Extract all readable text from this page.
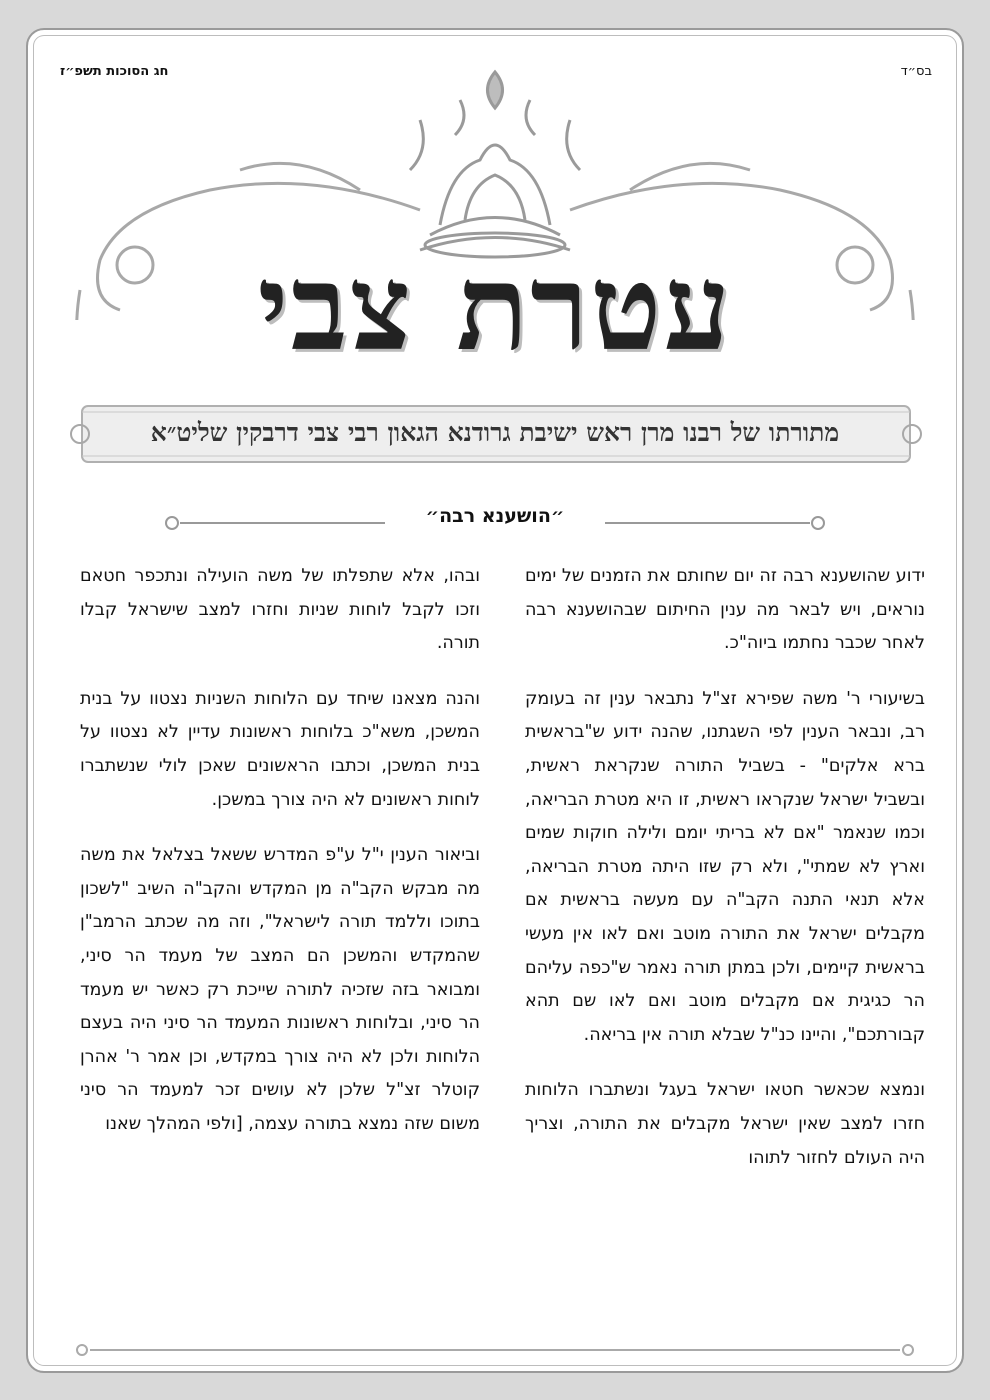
חג הסוכות תשפ״ז	בס״ד
עטרת צבי
מתורתו של רבנו מרן ראש ישיבת גרודנא הגאון רבי צבי דרבקין שליט״א
״הושענא רבה״

ידוע שהושענא רבה זה יום שחותם את הזמנים של ימים נוראים, ויש לבאר מה ענין החיתום שבהושענא רבה לאחר שכבר נחתמו ביוה"כ.

בשיעורי ר' משה שפירא זצ"ל נתבאר ענין זה בעומק רב, ונבאר הענין לפי השגתנו, שהנה ידוע ש"בראשית ברא אלקים" - בשביל התורה שנקראת ראשית, ובשביל ישראל שנקראו ראשית, זו היא מטרת הבריאה, וכמו שנאמר "אם לא בריתי יומם ולילה חוקות שמים וארץ לא שמתי", ולא רק שזו היתה מטרת הבריאה, אלא תנאי התנה הקב"ה עם מעשה בראשית אם מקבלים ישראל את התורה מוטב ואם לאו אין מעשי בראשית קיימים, ולכן במתן תורה נאמר ש"כפה עליהם הר כגיגית אם מקבלים מוטב ואם לאו שם תהא קבורתכם", והיינו כנ"ל שבלא תורה אין בריאה.

ונמצא שכאשר חטאו ישראל בעגל ונשתברו הלוחות חזרו למצב שאין ישראל מקבלים את התורה, וצריך היה העולם לחזור לתוהו

ובהו, אלא שתפלתו של משה הועילה ונתכפר חטאם וזכו לקבל לוחות שניות וחזרו למצב שישראל קבלו תורה.

והנה מצאנו שיחד עם הלוחות השניות נצטוו על בנית המשכן, משא"כ בלוחות ראשונות עדיין לא נצטוו על בנית המשכן, וכתבו הראשונים שאכן לולי שנשתברו לוחות ראשונים לא היה צורך במשכן.

וביאור הענין י"ל ע"פ המדרש ששאל בצלאל את משה מה מבקש הקב"ה מן המקדש והקב"ה השיב "לשכון בתוכו וללמד תורה לישראל", וזה מה שכתב הרמב"ן שהמקדש והמשכן הם המצב של מעמד הר סיני, ומבואר בזה שזכיה לתורה שייכת רק כאשר יש מעמד הר סיני, ובלוחות ראשונות המעמד הר סיני היה בעצם הלוחות ולכן לא היה צורך במקדש, וכן אמר ר' אהרן קוטלר זצ"ל שלכן לא עושים זכר למעמד הר סיני משום שזה נמצא בתורה עצמה, [ולפי המהלך שאנו
